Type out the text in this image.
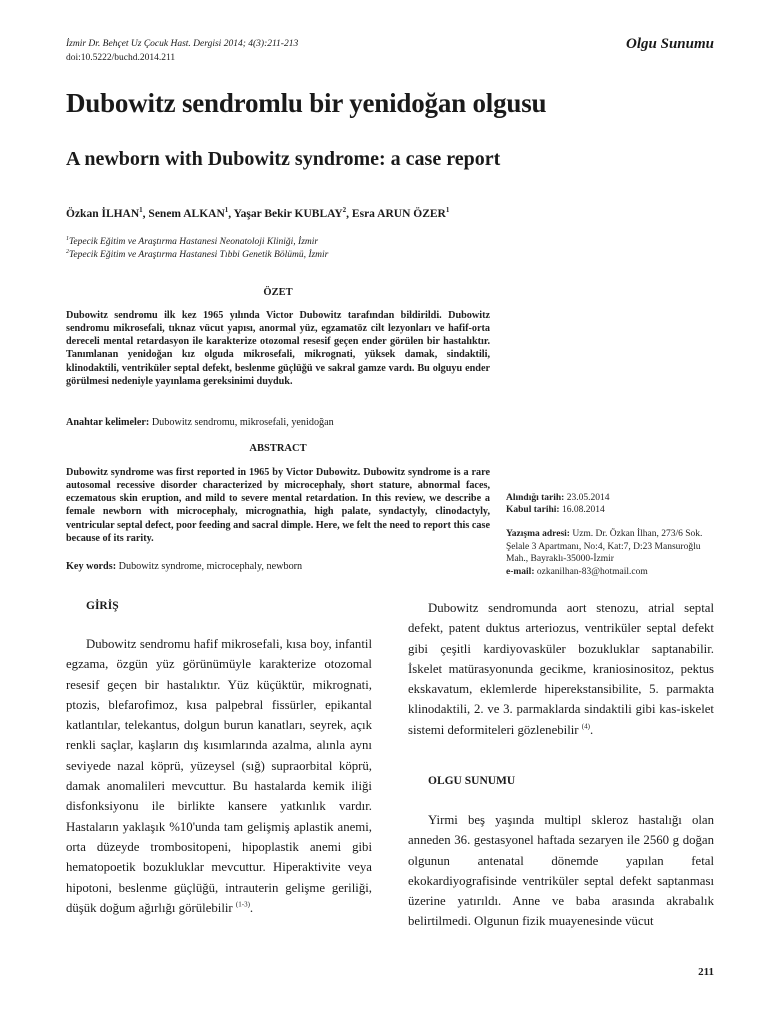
İzmir Dr. Behçet Uz Çocuk Hast. Dergisi 2014; 4(3):211-213
doi:10.5222/buchd.2014.211
Olgu Sunumu
Dubowitz sendromlu bir yenidoğan olgusu
A newborn with Dubowitz syndrome: a case report
Özkan İLHAN$^1$, Senem ALKAN$^1$, Yaşar Bekir KUBLAY$^2$, Esra ARUN ÖZER$^1$
$^1$Tepecik Eğitim ve Araştırma Hastanesi Neonatoloji Kliniği, İzmir
$^2$Tepecik Eğitim ve Araştırma Hastanesi Tıbbi Genetik Bölümü, İzmir
ÖZET
Dubowitz sendromu ilk kez 1965 yılında Victor Dubowitz tarafından bildirildi. Dubowitz sendromu mikrosefali, tıknaz vücut yapısı, anormal yüz, egzamatöz cilt lezyonları ve hafif-orta dereceli mental retardasyon ile karakterize otozomal resesif geçen ender görülen bir hastalıktır. Tanımlanan yenidoğan kız olguda mikrosefali, mikrognati, yüksek damak, sindaktili, klinodaktili, ventriküler septal defekt, beslenme güçlüğü ve sakral gamze vardı. Bu olguyu ender görülmesi nedeniyle yayınlama gereksinimi duyduk.
Anahtar kelimeler: Dubowitz sendromu, mikrosefali, yenidoğan
ABSTRACT
Dubowitz syndrome was first reported in 1965 by Victor Dubowitz. Dubowitz syndrome is a rare autosomal recessive disorder characterized by microcephaly, short stature, abnormal faces, eczematous skin eruption, and mild to severe mental retardation. In this review, we describe a female newborn with microcephaly, micrognathia, high palate, syndactyly, clinodactyly, ventricular septal defect, poor feeding and sacral dimple. Here, we felt the need to report this case because of its rarity.
Key words: Dubowitz syndrome, microcephaly, newborn
Alındığı tarih: 23.05.2014
Kabul tarihi: 16.08.2014
Yazışma adresi: Uzm. Dr. Özkan İlhan, 273/6 Sok.
Şelale 3 Apartmanı, No:4, Kat:7, D:23 Mansuroğlu
Mah., Bayraklı-35000-İzmir
e-mail: ozkanilhan-83@hotmail.com
GİRİŞ

Dubowitz sendromu hafif mikrosefali, kısa boy, infantil egzama, özgün yüz görünümüyle karakterize otozomal resesif geçen bir hastalıktır. Yüz küçüktür, mikrognati, ptozis, blefarofimoz, kısa palpebral fissürler, epikantal katlantılar, telekantus, dolgun burun kanatları, seyrek, açık renkli saçlar, kaşların dış kısımlarında azalma, alınla aynı seviyede nazal köprü, yüzeysel (sığ) supraorbital köprü, damak anomalileri mevcuttur. Bu hastalarda kemik iliği disfonksiyonu ile birlikte kansere yatkınlık vardır. Hastaların yaklaşık %10'unda tam gelişmiş aplastik anemi, orta düzeyde trombositopeni, hipoplastik anemi gibi hematopoetik bozukluklar mevcuttur. Hiperaktivite veya hipotoni, beslenme güçlüğü, intrauterin gelişme geriliği, düşük doğum ağırlığı görülebilir $^{(1-3)}$.

Dubowitz sendromunda aort stenozu, atrial septal defekt, patent duktus arteriozus, ventriküler septal defekt gibi çeşitli kardiyovasküler bozukluklar saptanabilir. İskelet matürasyonunda gecikme, kraniosinositoz, pektus ekskavatum, eklemlerde hiperekstansibilite, 5. parmakta klinodaktili, 2. ve 3. parmaklarda sindaktili gibi kas-iskelet sistemi deformiteleri gözlenebilir $^{(4)}$.

OLGU SUNUMU

Yirmi beş yaşında multipl skleroz hastalığı olan anneden 36. gestasyonel haftada sezaryen ile 2560 g doğan olgunun antenatal dönemde yapılan fetal ekokardiyografisinde ventriküler septal defekt saptanması üzerine yatırıldı. Anne ve baba arasında akrabalık belirtilmedi. Olgunun fizik muayenesinde vücut

211
